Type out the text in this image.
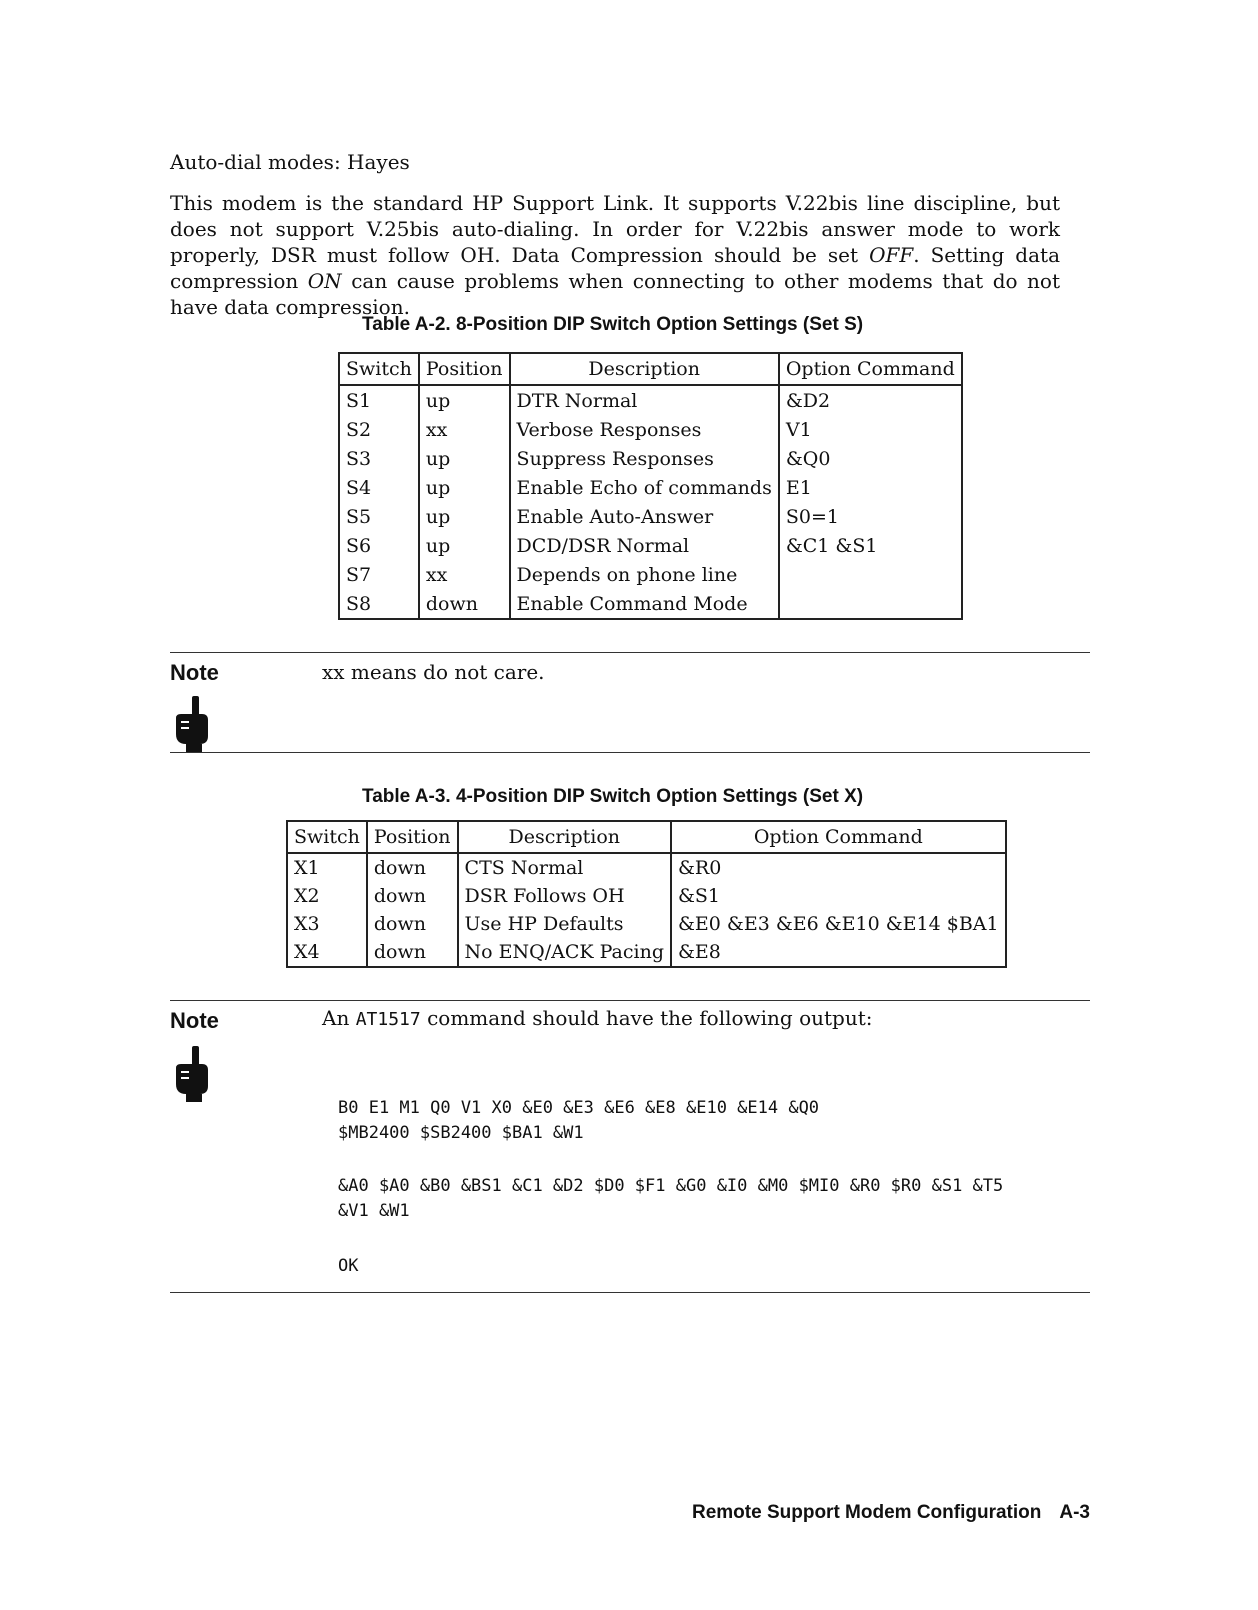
Auto-dial modes: Hayes
This modem is the standard HP Support Link. It supports V.22bis line discipline, but does not support V.25bis auto-dialing. In order for V.22bis answer mode to work properly, DSR must follow OH. Data Compression should be set OFF. Setting data compression ON can cause problems when connecting to other modems that do not have data compression.
Table A-2. 8-Position DIP Switch Option Settings (Set S)
Switch	Position	Description	Option Command
S1	up	DTR Normal	&D2
S2	xx	Verbose Responses	V1
S3	up	Suppress Responses	&Q0
S4	up	Enable Echo of commands	E1
S5	up	Enable Auto-Answer	S0=1
S6	up	DCD/DSR Normal	&C1 &S1
S7	xx	Depends on phone line	
S8	down	Enable Command Mode	
Note	xx means do not care.
Table A-3. 4-Position DIP Switch Option Settings (Set X)
Switch	Position	Description	Option Command
X1	down	CTS Normal	&R0
X2	down	DSR Follows OH	&S1
X3	down	Use HP Defaults	&E0 &E3 &E6 &E10 &E14 $BA1
X4	down	No ENQ/ACK Pacing	&E8
Note	An AT1517 command should have the following output:
B0 E1 M1 Q0 V1 X0 &E0 &E3 &E6 &E8 &E10 &E14 &Q0
$MB2400 $SB2400 $BA1 &W1
&A0 $A0 &B0 &BS1 &C1 &D2 $D0 $F1 &G0 &I0 &M0 $MI0 &R0 $R0 &S1 &T5
&V1 &W1
OK
Remote Support Modem Configuration A-3
